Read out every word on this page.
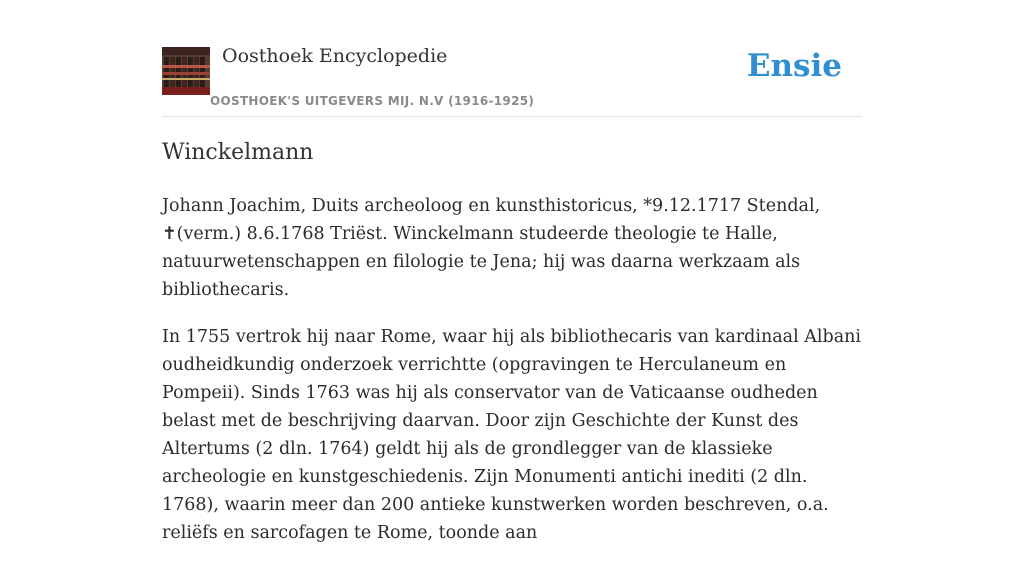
Oosthoek Encyclopedie
OOSTHOEK'S UITGEVERS MIJ. N.V (1916-1925)
Ensie
Winckelmann

Johann Joachim, Duits archeoloog en kunsthistoricus, *9.12.1717 Stendal,
✝(verm.) 8.6.1768 Triëst. Winckelmann studeerde theologie te Halle, natuurwetenschappen en filologie te Jena; hij was daarna werkzaam als bibliothecaris.

In 1755 vertrok hij naar Rome, waar hij als bibliothecaris van kardinaal Albani oudheidkundig onderzoek verrichtte (opgravingen te Herculaneum en Pompeii). Sinds 1763 was hij als conservator van de Vaticaanse oudheden belast met de beschrijving daarvan. Door zijn Geschichte der Kunst des Altertums (2 dln. 1764) geldt hij als de grondlegger van de klassieke archeologie en kunstgeschiedenis. Zijn Monumenti antichi inediti (2 dln. 1768), waarin meer dan 200 antieke kunstwerken worden beschreven, o.a. reliëfs en sarcofagen te Rome, toonde aan
